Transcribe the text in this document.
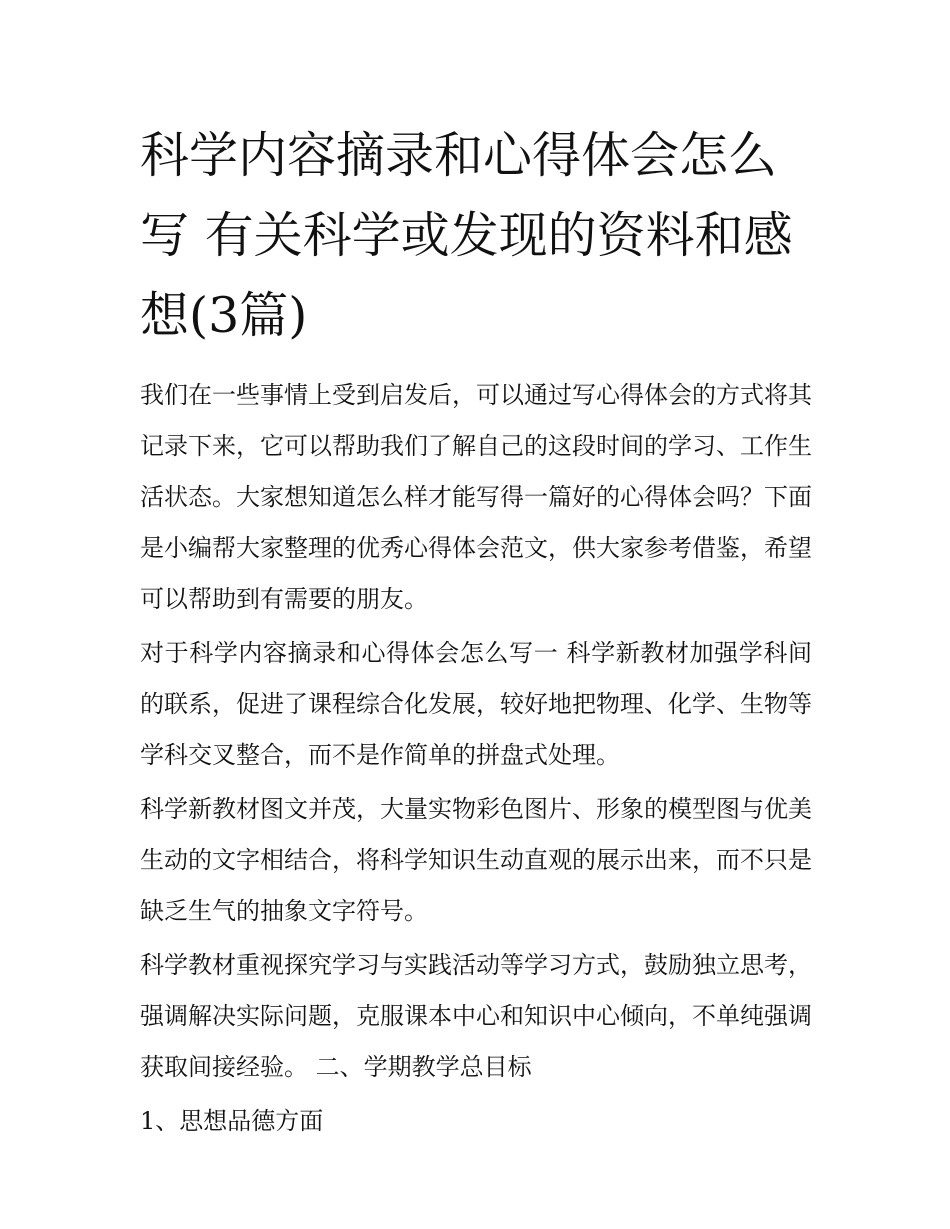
科学内容摘录和心得体会怎么写 有关科学或发现的资料和感想(3篇)

我们在一些事情上受到启发后，可以通过写心得体会的方式将其记录下来，它可以帮助我们了解自己的这段时间的学习、工作生活状态。大家想知道怎么样才能写得一篇好的心得体会吗？下面是小编帮大家整理的优秀心得体会范文，供大家参考借鉴，希望可以帮助到有需要的朋友。

对于科学内容摘录和心得体会怎么写一 科学新教材加强学科间的联系，促进了课程综合化发展，较好地把物理、化学、生物等学科交叉整合，而不是作简单的拼盘式处理。

科学新教材图文并茂，大量实物彩色图片、形象的模型图与优美生动的文字相结合，将科学知识生动直观的展示出来，而不只是缺乏生气的抽象文字符号。

科学教材重视探究学习与实践活动等学习方式，鼓励独立思考，强调解决实际问题，克服课本中心和知识中心倾向，不单纯强调获取间接经验。 二、学期教学总目标

1、思想品德方面
